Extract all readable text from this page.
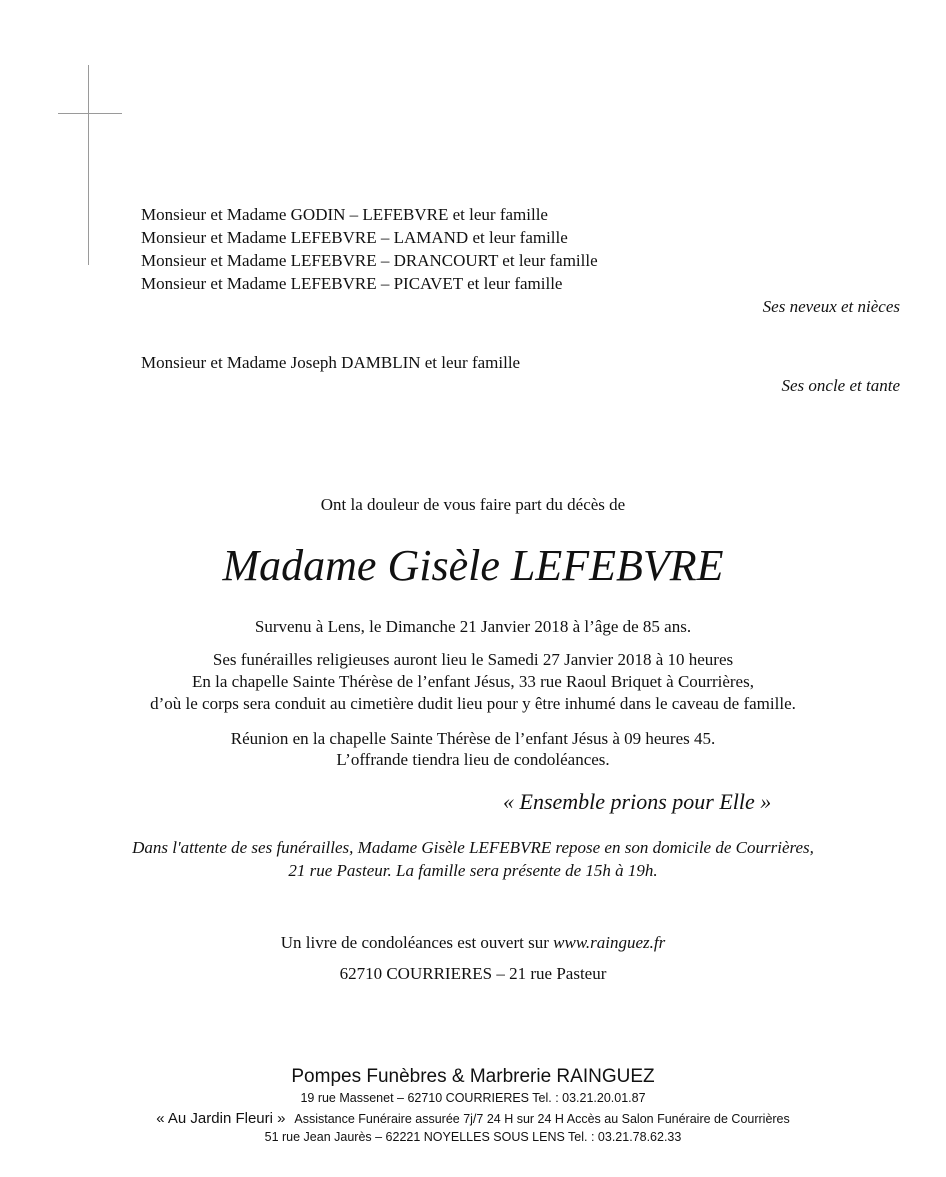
Monsieur et Madame GODIN – LEFEBVRE et leur famille
Monsieur et Madame LEFEBVRE – LAMAND et leur famille
Monsieur et Madame LEFEBVRE – DRANCOURT et leur famille
Monsieur et Madame LEFEBVRE – PICAVET et leur famille
Ses neveux et nièces
Monsieur et Madame Joseph DAMBLIN et leur famille
Ses oncle et tante
Ont la douleur de vous faire part du décès de
Madame Gisèle LEFEBVRE
Survenu à Lens, le Dimanche 21 Janvier 2018 à l’âge de 85 ans.
Ses funérailles religieuses auront lieu le Samedi 27 Janvier 2018 à 10 heures
En la chapelle Sainte Thérèse de l’enfant Jésus, 33 rue Raoul Briquet à Courrières,
d’où le corps sera conduit au cimetière dudit lieu pour y être inhumé dans le caveau de famille.
Réunion en la chapelle Sainte Thérèse de l’enfant Jésus à 09 heures 45.
L’offrande tiendra lieu de condoléances.
« Ensemble prions pour Elle »
Dans l'attente de ses funérailles, Madame Gisèle LEFEBVRE repose en son domicile de Courrières,
21 rue Pasteur. La famille sera présente de 15h à 19h.
Un livre de condoléances est ouvert sur www.rainguez.fr
62710 COURRIERES – 21 rue Pasteur
Pompes Funèbres & Marbrerie RAINGUEZ
19 rue Massenet – 62710 COURRIERES Tel. : 03.21.20.01.87
« Au Jardin Fleuri » Assistance Funéraire assurée 7j/7 24 H sur 24 H Accès au Salon Funéraire de Courrières
51 rue Jean Jaurès – 62221 NOYELLES SOUS LENS Tel. : 03.21.78.62.33
